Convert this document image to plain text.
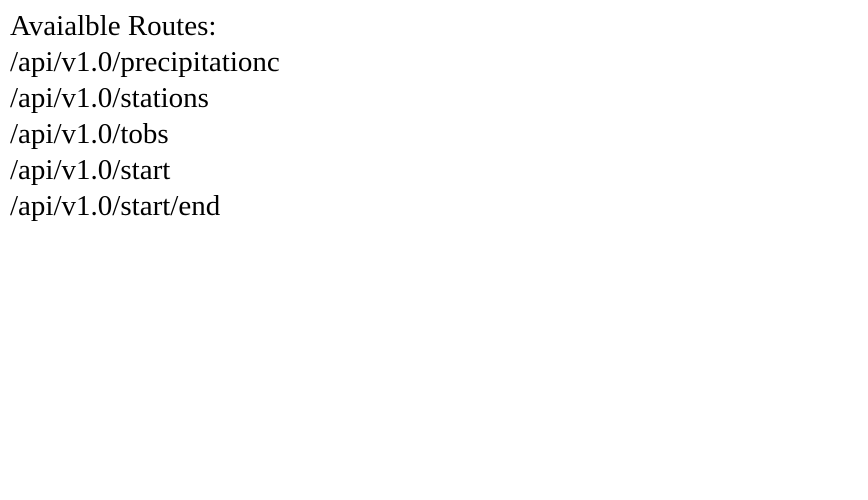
Avaialble Routes:
/api/v1.0/precipitationc
/api/v1.0/stations
/api/v1.0/tobs
/api/v1.0/start
/api/v1.0/start/end
